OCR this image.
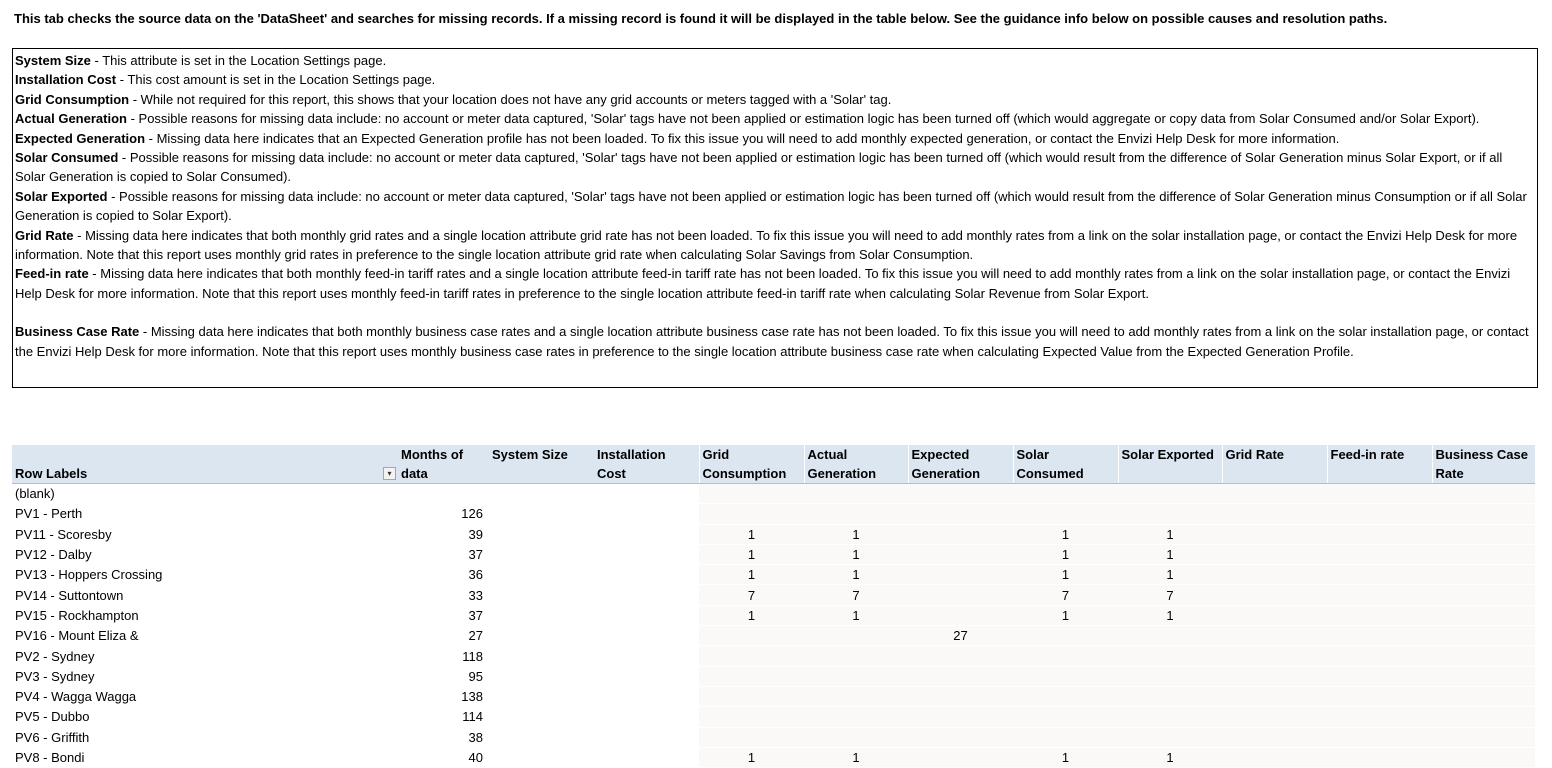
This tab checks the source data on the 'DataSheet' and searches for missing records. If a missing record is found it will be displayed in the table below. See the guidance info below on possible causes and resolution paths.

System Size - This attribute is set in the Location Settings page.

Installation Cost - This cost amount is set in the Location Settings page.

Grid Consumption - While not required for this report, this shows that your location does not have any grid accounts or meters tagged with a 'Solar' tag.

Actual Generation - Possible reasons for missing data include: no account or meter data captured, 'Solar' tags have not been applied or estimation logic has been turned off (which would aggregate or copy data from Solar Consumed and/or Solar Export).

Expected Generation - Missing data here indicates that an Expected Generation profile has not been loaded. To fix this issue you will need to add monthly expected generation, or contact the Envizi Help Desk for more information.

Solar Consumed - Possible reasons for missing data include: no account or meter data captured, 'Solar' tags have not been applied or estimation logic has been turned off (which would result from the difference of Solar Generation minus Solar Export, or if all Solar Generation is copied to Solar Consumed).

Solar Exported - Possible reasons for missing data include: no account or meter data captured, 'Solar' tags have not been applied or estimation logic has been turned off (which would result from the difference of Solar Generation minus Consumption or if all Solar Generation is copied to Solar Export).

Grid Rate - Missing data here indicates that both monthly grid rates and a single location attribute grid rate has not been loaded. To fix this issue you will need to add monthly rates from a link on the solar installation page, or contact the Envizi Help Desk for more information. Note that this report uses monthly grid rates in preference to the single location attribute grid rate when calculating Solar Savings from Solar Consumption.

Feed-in rate - Missing data here indicates that both monthly feed-in tariff rates and a single location attribute feed-in tariff rate has not been loaded. To fix this issue you will need to add monthly rates from a link on the solar installation page, or contact the Envizi Help Desk for more information. Note that this report uses monthly feed-in tariff rates in preference to the single location attribute feed-in tariff rate when calculating Solar Revenue from Solar Export.

Business Case Rate - Missing data here indicates that both monthly business case rates and a single location attribute business case rate has not been loaded. To fix this issue you will need to add monthly rates from a link on the solar installation page, or contact the Envizi Help Desk for more information. Note that this report uses monthly business case rates in preference to the single location attribute business case rate when calculating Expected Value from the Expected Generation Profile.

Row Labels ▾	Months of data	System Size	Installation Cost	Grid Consumption	Actual Generation	Expected Generation	Solar Consumed	Solar Exported	Grid Rate	Feed-in rate	Business Case Rate
(blank)											
PV1 - Perth	126										
PV11 - Scoresby	39			1	1		1	1			
PV12 - Dalby	37			1	1		1	1			
PV13 - Hoppers Crossing	36			1	1		1	1			
PV14 - Suttontown	33			7	7		7	7			
PV15 - Rockhampton	37			1	1		1	1			
PV16 - Mount Eliza &	27					27					
PV2 - Sydney	118										
PV3 - Sydney	95										
PV4 - Wagga Wagga	138										
PV5 - Dubbo	114										
PV6 - Griffith	38										
PV8 - Bondi	40			1	1		1	1			
